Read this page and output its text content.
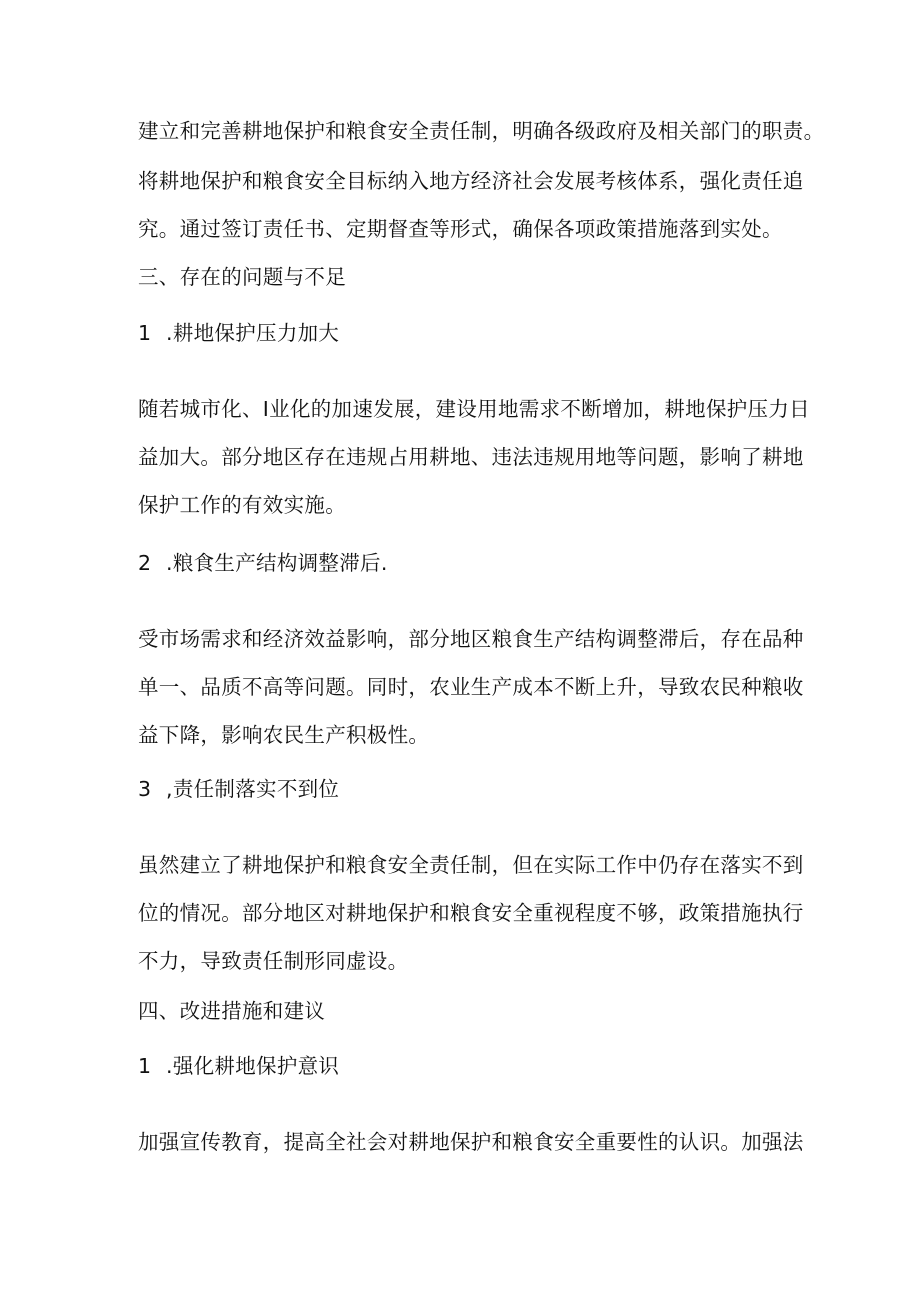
建立和完善耕地保护和粮食安全责任制，明确各级政府及相关部门的职责。

将耕地保护和粮食安全目标纳入地方经济社会发展考核体系，强化责任追

究。通过签订责任书、定期督查等形式，确保各项政策措施落到实处。

三、存在的问题与不足

1 .耕地保护压力加大

随若城市化、I业化的加速发展，建设用地需求不断增加，耕地保护压力日

益加大。部分地区存在违规占用耕地、违法违规用地等问题，影响了耕地

保护工作的有效实施。

2 .粮食生产结构调整滞后.

受市场需求和经济效益影响，部分地区粮食生产结构调整滞后，存在品种

单一、品质不高等问题。同时，农业生产成本不断上升，导致农民种粮收

益下降，影响农民生产积极性。

3 ,责任制落实不到位

虽然建立了耕地保护和粮食安全责任制，但在实际工作中仍存在落实不到

位的情况。部分地区对耕地保护和粮食安全重视程度不够，政策措施执行

不力，导致责任制形同虚设。

四、改进措施和建议

1 .强化耕地保护意识

加强宣传教育，提高全社会对耕地保护和粮食安全重要性的认识。加强法
